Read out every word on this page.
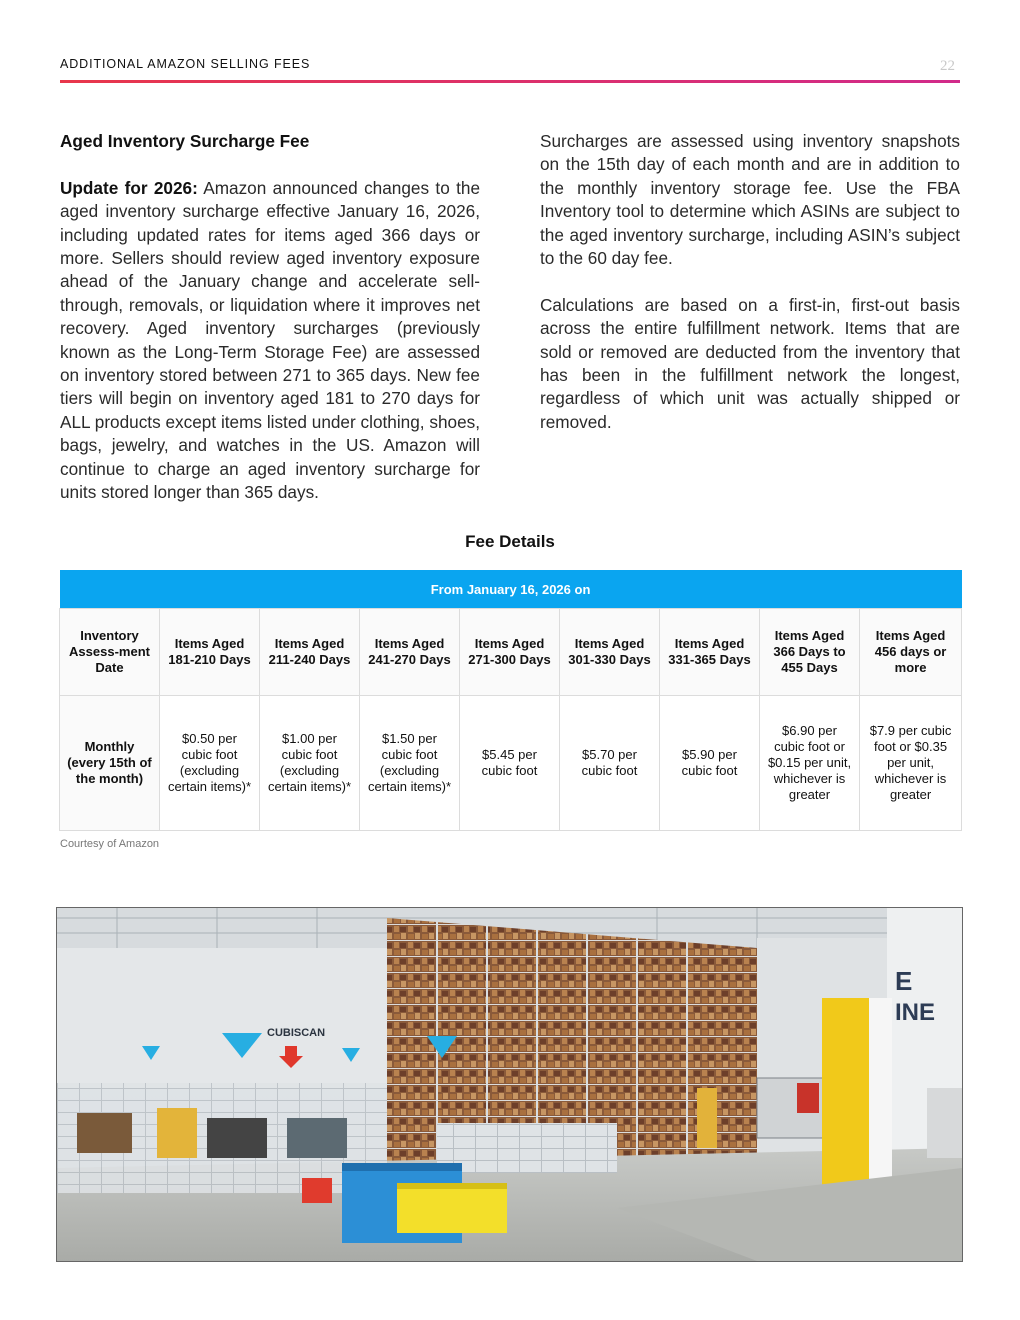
ADDITIONAL AMAZON SELLING FEES	22

Aged Inventory Surcharge Fee

Update for 2026: Amazon announced changes to the aged inventory surcharge effective January 16, 2026, including updated rates for items aged 366 days or more. Sellers should review aged inventory exposure ahead of the January change and accelerate sell-through, removals, or liquidation where it improves net recovery. Aged inventory surcharges (previously known as the Long-Term Storage Fee) are assessed on inventory stored between 271 to 365 days. New fee tiers will begin on inventory aged 181 to 270 days for ALL products except items listed under clothing, shoes, bags, jewelry, and watches in the US. Amazon will continue to charge an aged inventory surcharge for units stored longer than 365 days.

Surcharges are assessed using inventory snapshots on the 15th day of each month and are in addition to the monthly inventory storage fee. Use the FBA Inventory tool to determine which ASINs are subject to the aged inventory surcharge, including ASIN’s subject to the 60 day fee.

Calculations are based on a first-in, first-out basis across the entire fulfillment network. Items that are sold or removed are deducted from the inventory that has been in the fulfillment network the longest, regardless of which unit was actually shipped or removed.

Fee Details
From January 16, 2026 on								
Inventory Assess-ment Date	Items Aged 181-210 Days	Items Aged 211-240 Days	Items Aged 241-270 Days	Items Aged 271-300 Days	Items Aged 301-330 Days	Items Aged 331-365 Days	Items Aged 366 Days to 455 Days	Items Aged 456 days or more
Monthly (every 15th of the month)	$0.50 per cubic foot (excluding certain items)*	$1.00 per cubic foot (excluding certain items)*	$1.50 per cubic foot (excluding certain items)*	$5.45 per cubic foot	$5.70 per cubic foot	$5.90 per cubic foot	$6.90 per cubic foot or $0.15 per unit, whichever is greater	$7.9 per cubic foot or $0.35 per unit, whichever is greater
Courtesy of Amazon
E
INE
CUBISCAN
